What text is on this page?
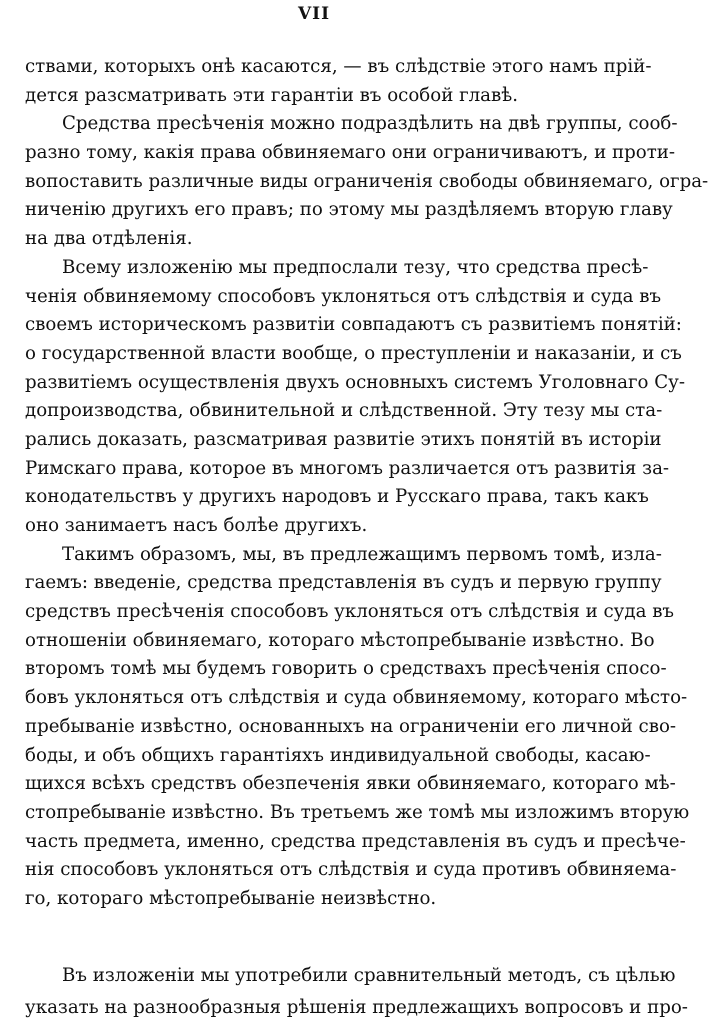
VII
ствами, которыхъ онѣ касаются, — въ слѣдствіе этого намъ прій-
дется разсматривать эти гарантіи въ особой главѣ.
Средства пресѣченія можно подраздѣлить на двѣ группы, сооб-
разно тому, какія права обвиняемаго они ограничиваютъ, и проти-
вопоставить различные виды ограниченія свободы обвиняемаго, огра-
ниченію другихъ его правъ; по этому мы раздѣляемъ вторую главу
на два отдѣленія.
Всему изложенію мы предпослали тезу, что средства пресѣ-
ченія обвиняемому способовъ уклоняться отъ слѣдствія и суда въ
своемъ историческомъ развитіи совпадаютъ съ развитіемъ понятій:
о государственной власти вообще, о преступленіи и наказаніи, и съ
развитіемъ осуществленія двухъ основныхъ системъ Уголовнаго Су-
допроизводства, обвинительной и слѣдственной. Эту тезу мы ста-
рались доказать, разсматривая развитіе этихъ понятій въ исторіи
Римскаго права, которое въ многомъ различается отъ развитія за-
конодательствъ у другихъ народовъ и Русскаго права, такъ какъ
оно занимаетъ насъ болѣе другихъ.
Такимъ образомъ, мы, въ предлежащимъ первомъ томѣ, изла-
гаемъ: введеніе, средства представленія въ судъ и первую группу
средствъ пресѣченія способовъ уклоняться отъ слѣдствія и суда въ
отношеніи обвиняемаго, котораго мѣстопребываніе извѣстно. Во
второмъ томѣ мы будемъ говорить о средствахъ пресѣченія спосо-
бовъ уклоняться отъ слѣдствія и суда обвиняемому, котораго мѣсто-
пребываніе извѣстно, основанныхъ на ограниченіи его личной сво-
боды, и объ общихъ гарантіяхъ индивидуальной свободы, касаю-
щихся всѣхъ средствъ обезпеченія явки обвиняемаго, котораго мѣ-
стопребываніе извѣстно. Въ третьемъ же томѣ мы изложимъ вторую
часть предмета, именно, средства представленія въ судъ и пресѣче-
нія способовъ уклоняться отъ слѣдствія и суда противъ обвиняема-
го, котораго мѣстопребываніе неизвѣстно.
Въ изложеніи мы употребили сравнительный методъ, съ цѣлью
указать на разнообразныя рѣшенія предлежащихъ вопросовъ и про-
